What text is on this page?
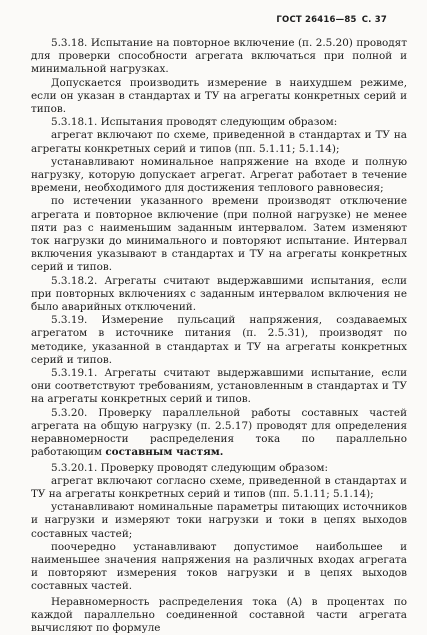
ГОСТ 26416—85 С. 37

5.3.18. Испытание на повторное включение (п. 2.5.20) проводят для проверки способности агрегата включаться при полной и минимальной нагрузках.

Допускается производить измерение в наихудшем режиме, если он указан в стандартах и ТУ на агрегаты конкретных серий и типов.

5.3.18.1. Испытания проводят следующим образом:

агрегат включают по схеме, приведенной в стандартах и ТУ на агрегаты конкретных серий и типов (пп. 5.1.11; 5.1.14);

устанавливают номинальное напряжение на входе и полную нагрузку, которую допускает агрегат. Агрегат работает в течение времени, необходимого для достижения теплового равновесия;

по истечении указанного времени производят отключение агрегата и повторное включение (при полной нагрузке) не менее пяти раз с наименьшим заданным интервалом. Затем изменяют ток нагрузки до минимального и повторяют испытание. Интервал включения указывают в стандартах и ТУ на агрегаты конкретных серий и типов.

5.3.18.2. Агрегаты считают выдержавшими испытания, если при повторных включениях с заданным интервалом включения не было аварийных отключений.

5.3.19. Измерение пульсаций напряжения, создаваемых агрегатом в источнике питания (п. 2.5.31), производят по методике, указанной в стандартах и ТУ на агрегаты конкретных серий и типов.

5.3.19.1. Агрегаты считают выдержавшими испытание, если они соответствуют требованиям, установленным в стандартах и ТУ на агрегаты конкретных серий и типов.

5.3.20. Проверку параллельной работы составных частей агрегата на общую нагрузку (п. 2.5.17) проводят для определения неравномерности распределения тока по параллельно работающим составным частям.

5.3.20.1. Проверку проводят следующим образом:

агрегат включают согласно схеме, приведенной в стандартах и ТУ на агрегаты конкретных серий и типов (пп. 5.1.11; 5.1.14);

устанавливают номинальные параметры питающих источников и нагрузки и измеряют токи нагрузки и токи в цепях выходов составных частей;

поочередно устанавливают допустимое наибольшее и наименьшее значения напряжения на различных входах агрегата и повторяют измерения токов нагрузки и в цепях выходов составных частей.

Неравномерность распределения тока (A) в процентах по каждой параллельно соединенной составной части агрегата вычисляют по формуле
